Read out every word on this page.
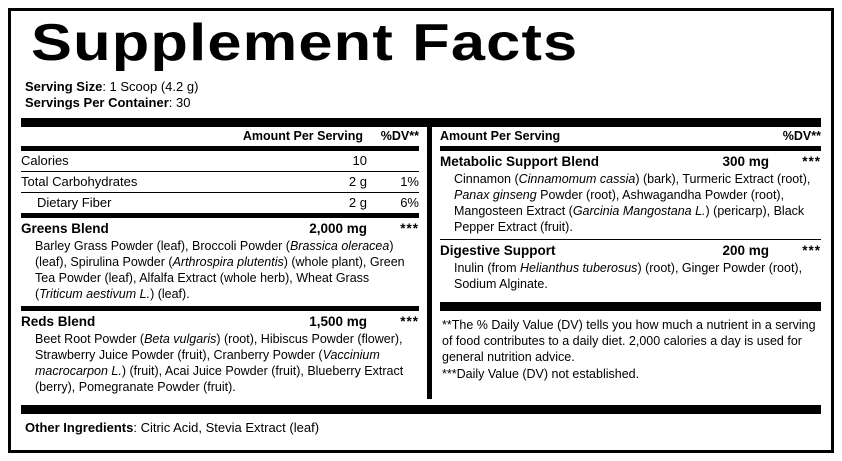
Supplement Facts
Serving Size: 1 Scoop (4.2 g)
Servings Per Container: 30
Amount Per Serving	%DV**
Calories	10
Total Carbohydrates	2 g	1%
Dietary Fiber	2 g	6%
Greens Blend	2,000 mg	***
Barley Grass Powder (leaf), Broccoli Powder (Brassica oleracea) (leaf), Spirulina Powder (Arthrospira plutentis) (whole plant), Green Tea Powder (leaf), Alfalfa Extract (whole herb), Wheat Grass (Triticum aestivum L.) (leaf).
Reds Blend	1,500 mg	***
Beet Root Powder (Beta vulgaris) (root), Hibiscus Powder (flower), Strawberry Juice Powder (fruit), Cranberry Powder (Vaccinium macrocarpon L.) (fruit), Acai Juice Powder (fruit), Blueberry Extract (berry), Pomegranate Powder (fruit).
Amount Per Serving	%DV**
Metabolic Support Blend	300 mg	***
Cinnamon (Cinnamomum cassia) (bark), Turmeric Extract (root), Panax ginseng Powder (root), Ashwagandha Powder (root), Mangosteen Extract (Garcinia Mangostana L.) (pericarp), Black Pepper Extract (fruit).
Digestive Support	200 mg	***
Inulin (from Helianthus tuberosus) (root), Ginger Powder (root), Sodium Alginate.

**The % Daily Value (DV) tells you how much a nutrient in a serving of food contributes to a daily diet. 2,000 calories a day is used for general nutrition advice.

***Daily Value (DV) not established.

Other Ingredients: Citric Acid, Stevia Extract (leaf)
